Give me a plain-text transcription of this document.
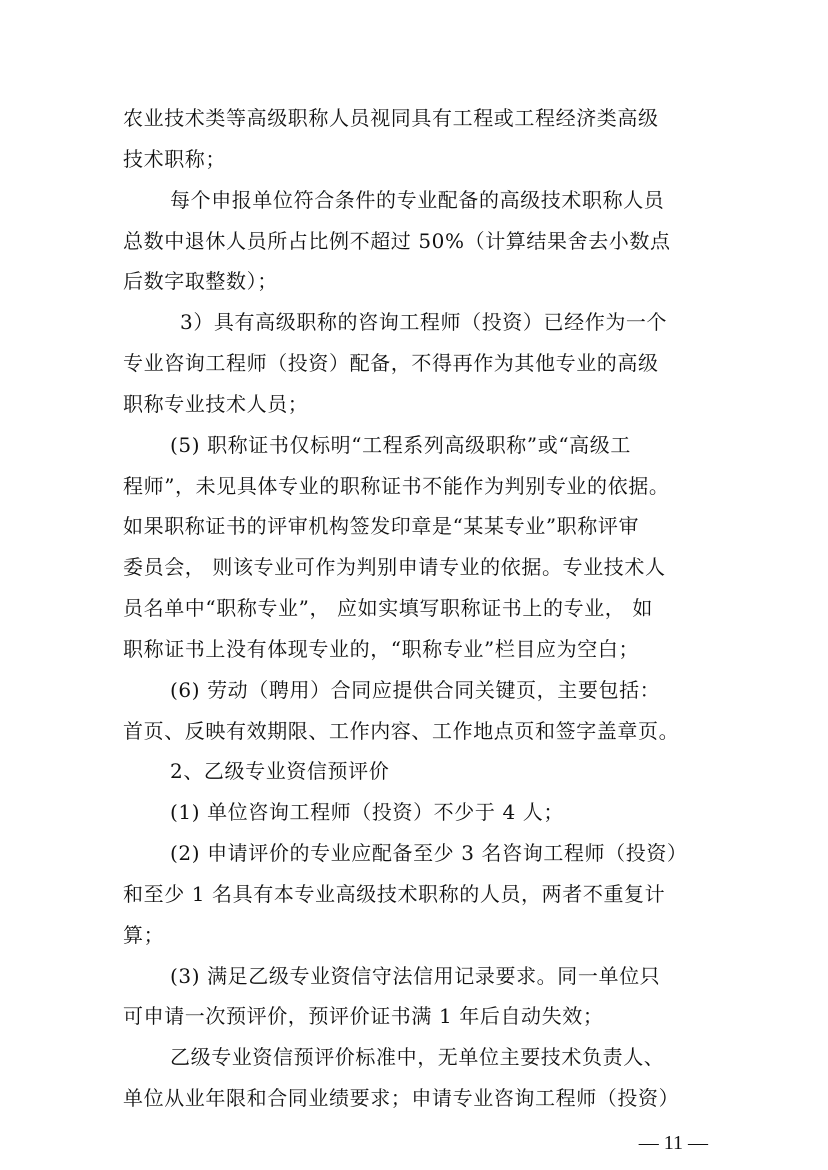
农业技术类等高级职称人员视同具有工程或工程经济类高级
技术职称；
每个申报单位符合条件的专业配备的高级技术职称人员
总数中退休人员所占比例不超过 50%（计算结果舍去小数点
后数字取整数）；
3）具有高级职称的咨询工程师（投资）已经作为一个
专业咨询工程师（投资）配备，不得再作为其他专业的高级
职称专业技术人员；
(5) 职称证书仅标明“工程系列高级职称”或“高级工
程师”，未见具体专业的职称证书不能作为判别专业的依据。
如果职称证书的评审机构签发印章是“某某专业”职称评审
委员会， 则该专业可作为判别申请专业的依据。专业技术人
员名单中“职称专业”， 应如实填写职称证书上的专业， 如
职称证书上没有体现专业的，“职称专业”栏目应为空白；
(6) 劳动（聘用）合同应提供合同关键页，主要包括：
首页、反映有效期限、工作内容、工作地点页和签字盖章页。
2、乙级专业资信预评价
(1) 单位咨询工程师（投资）不少于 4 人；
(2) 申请评价的专业应配备至少 3 名咨询工程师（投资）
和至少 1 名具有本专业高级技术职称的人员，两者不重复计
算；
(3) 满足乙级专业资信守法信用记录要求。同一单位只
可申请一次预评价，预评价证书满 1 年后自动失效；
乙级专业资信预评价标准中，无单位主要技术负责人、
单位从业年限和合同业绩要求；申请专业咨询工程师（投资）
— 11 —
